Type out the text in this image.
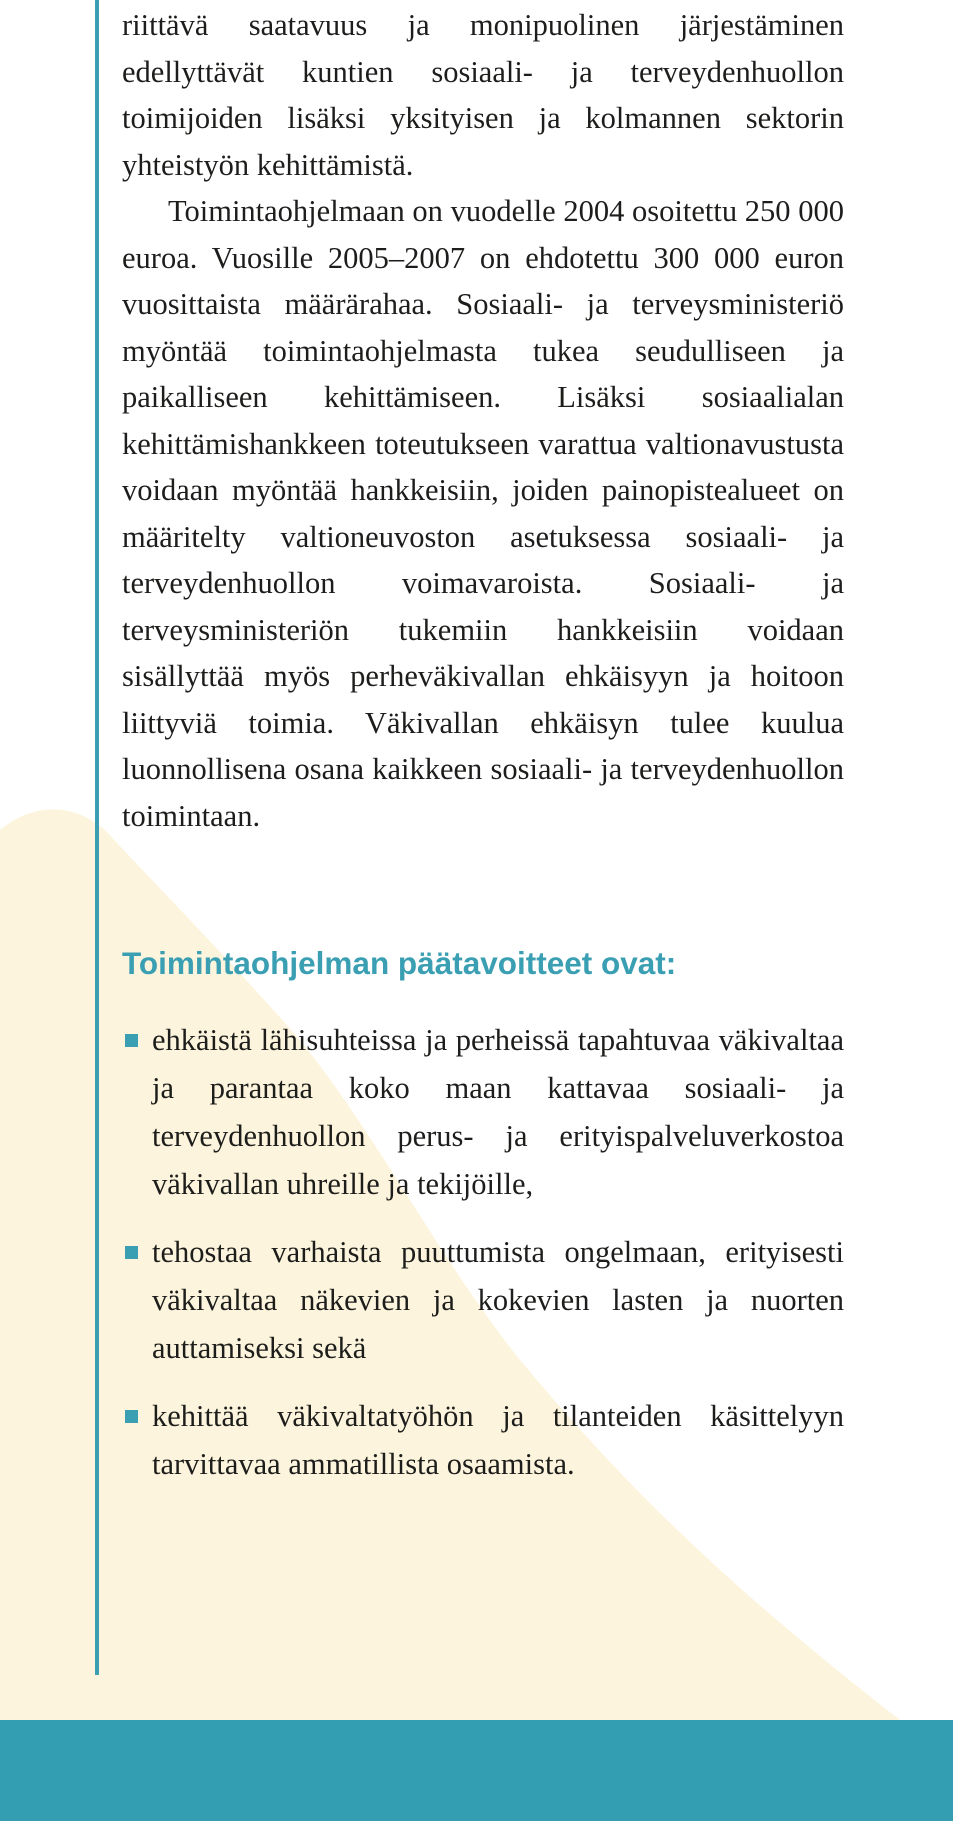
riittävä saatavuus ja monipuolinen järjestäminen edellyttävät kuntien sosiaali- ja terveydenhuollon toimijoiden lisäksi yksityisen ja kolmannen sektorin yhteistyön kehittämistä.

Toimintaohjelmaan on vuodelle 2004 osoitettu 250 000 euroa. Vuosille 2005–2007 on ehdotettu 300 000 euron vuosittaista määrärahaa. Sosiaali- ja terveysministeriö myöntää toimintaohjelmasta tukea seudulliseen ja paikalliseen kehittämiseen. Lisäksi sosiaalialan kehittämishankkeen toteutukseen varattua valtionavustusta voidaan myöntää hankkeisiin, joiden painopistealueet on määritelty valtioneuvoston asetuksessa sosiaali- ja terveydenhuollon voimavaroista. Sosiaali- ja terveysministeriön tukemiin hankkeisiin voidaan sisällyttää myös perheväkivallan ehkäisyyn ja hoitoon liittyviä toimia. Väkivallan ehkäisyn tulee kuulua luonnollisena osana kaikkeen sosiaali- ja terveydenhuollon toimintaan.

Toimintaohjelman päätavoitteet ovat:
ehkäistä lähisuhteissa ja perheissä tapahtuvaa väkivaltaa ja parantaa koko maan kattavaa sosiaali- ja terveydenhuollon perus- ja erityispalveluverkostoa väkivallan uhreille ja tekijöille,
tehostaa varhaista puuttumista ongelmaan, erityisesti väkivaltaa näkevien ja kokevien lasten ja nuorten auttamiseksi sekä
kehittää väkivaltatyöhön ja tilanteiden käsittelyyn tarvittavaa ammatillista osaamista.
